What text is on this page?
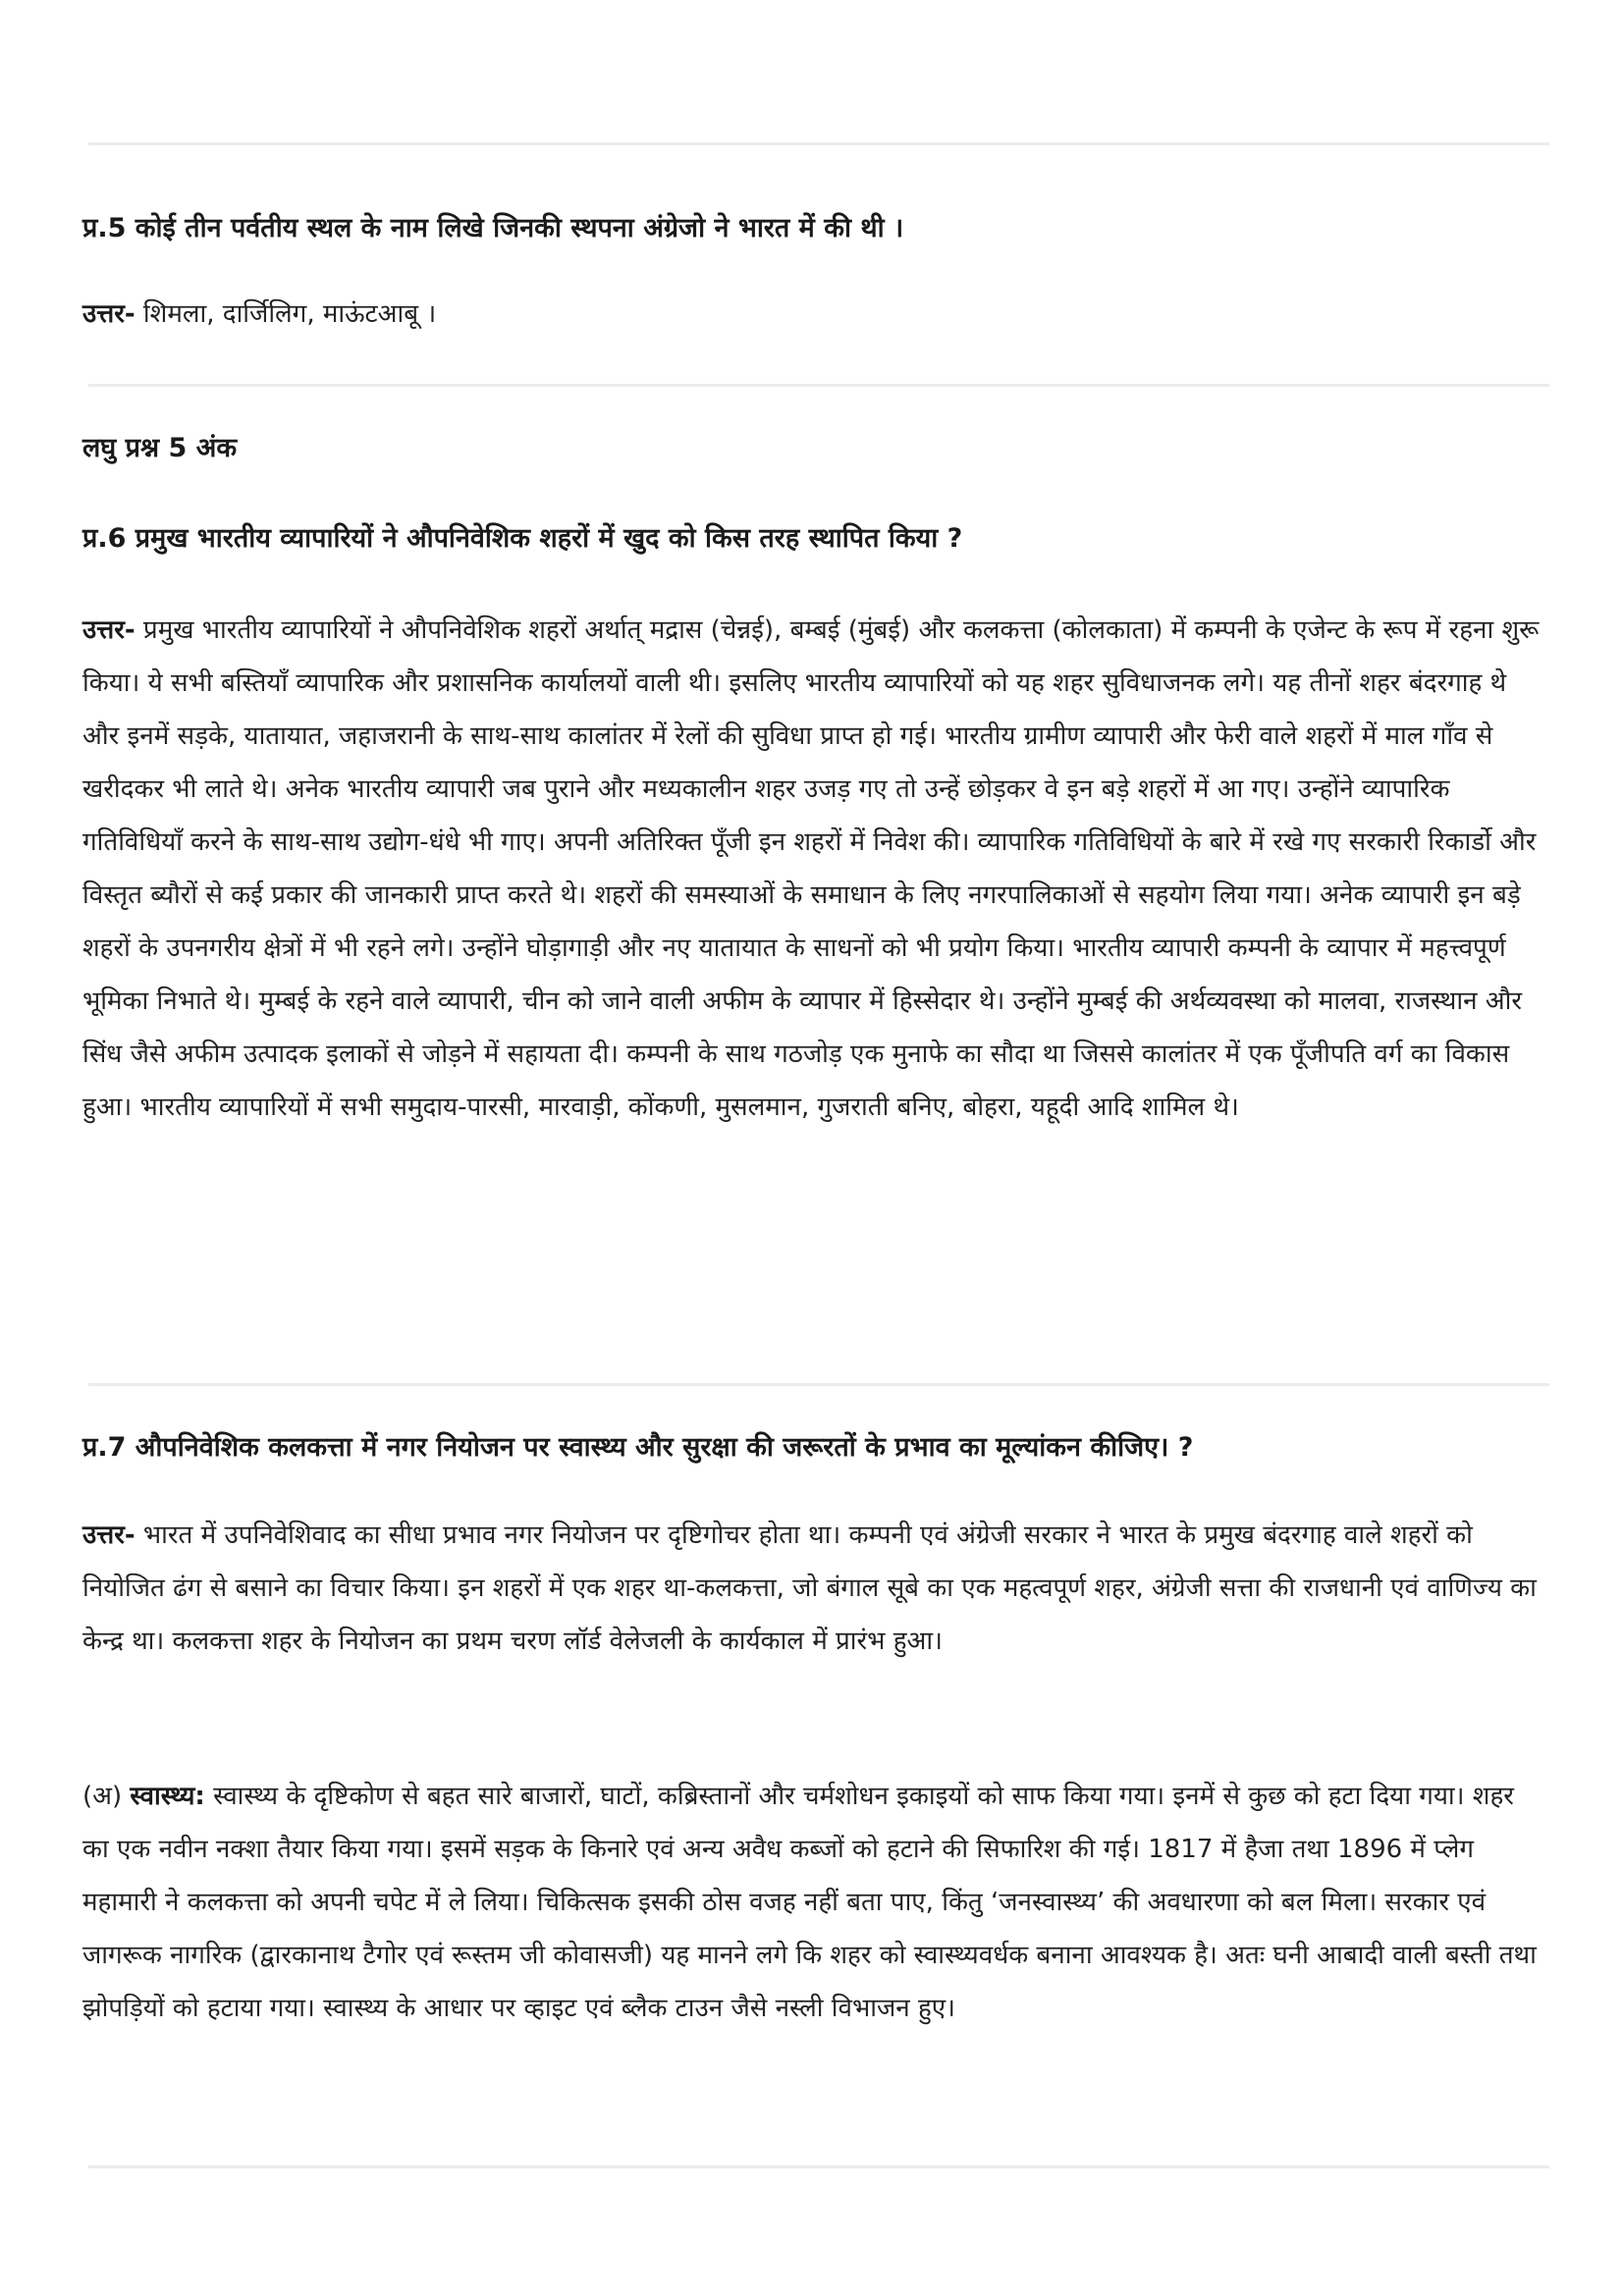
प्र.5 कोई तीन पर्वतीय स्थल के नाम लिखे जिनकी स्थपना अंग्रेजो ने भारत में की थी ।

उत्तर- शिमला, दार्जिलिग, माऊंटआबू ।

लघु प्रश्न 5 अंक

प्र.6 प्रमुख भारतीय व्यापारियों ने औपनिवेशिक शहरों में खुद को किस तरह स्थापित किया ?

उत्तर- प्रमुख भारतीय व्यापारियों ने औपनिवेशिक शहरों अर्थात् मद्रास (चेन्नई), बम्बई (मुंबई) और कलकत्ता (कोलकाता) में कम्पनी के एजेन्ट के रूप में रहना शुरू किया। ये सभी बस्तियाँ व्यापारिक और प्रशासनिक कार्यालयों वाली थी। इसलिए भारतीय व्यापारियों को यह शहर सुविधाजनक लगे। यह तीनों शहर बंदरगाह थे और इनमें सड़के, यातायात, जहाजरानी के साथ-साथ कालांतर में रेलों की सुविधा प्राप्त हो गई। भारतीय ग्रामीण व्यापारी और फेरी वाले शहरों में माल गाँव से खरीदकर भी लाते थे। अनेक भारतीय व्यापारी जब पुराने और मध्यकालीन शहर उजड़ गए तो उन्हें छोड़कर वे इन बड़े शहरों में आ गए। उन्होंने व्यापारिक गतिविधियाँ करने के साथ-साथ उद्योग-धंधे भी गाए। अपनी अतिरिक्त पूँजी इन शहरों में निवेश की। व्यापारिक गतिविधियों के बारे में रखे गए सरकारी रिकार्डो और विस्तृत ब्यौरों से कई प्रकार की जानकारी प्राप्त करते थे। शहरों की समस्याओं के समाधान के लिए नगरपालिकाओं से सहयोग लिया गया। अनेक व्यापारी इन बड़े शहरों के उपनगरीय क्षेत्रों में भी रहने लगे। उन्होंने घोड़ागाड़ी और नए यातायात के साधनों को भी प्रयोग किया। भारतीय व्यापारी कम्पनी के व्यापार में महत्त्वपूर्ण भूमिका निभाते थे। मुम्बई के रहने वाले व्यापारी, चीन को जाने वाली अफीम के व्यापार में हिस्सेदार थे। उन्होंने मुम्बई की अर्थव्यवस्था को मालवा, राजस्थान और सिंध जैसे अफीम उत्पादक इलाकों से जोड़ने में सहायता दी। कम्पनी के साथ गठजोड़ एक मुनाफे का सौदा था जिससे कालांतर में एक पूँजीपति वर्ग का विकास हुआ। भारतीय व्यापारियों में सभी समुदाय-पारसी, मारवाड़ी, कोंकणी, मुसलमान, गुजराती बनिए, बोहरा, यहूदी आदि शामिल थे।

प्र.7 औपनिवेशिक कलकत्ता में नगर नियोजन पर स्वास्थ्य और सुरक्षा की जरूरतों के प्रभाव का मूल्यांकन कीजिए। ?

उत्तर- भारत में उपनिवेशिवाद का सीधा प्रभाव नगर नियोजन पर दृष्टिगोचर होता था। कम्पनी एवं अंग्रेजी सरकार ने भारत के प्रमुख बंदरगाह वाले शहरों को नियोजित ढंग से बसाने का विचार किया। इन शहरों में एक शहर था-कलकत्ता, जो बंगाल सूबे का एक महत्वपूर्ण शहर, अंग्रेजी सत्ता की राजधानी एवं वाणिज्य का केन्द्र था। कलकत्ता शहर के नियोजन का प्रथम चरण लॉर्ड वेलेजली के कार्यकाल में प्रारंभ हुआ।

(अ) स्वास्थ्य: स्वास्थ्य के दृष्टिकोण से बहत सारे बाजारों, घाटों, कब्रिस्तानों और चर्मशोधन इकाइयों को साफ किया गया। इनमें से कुछ को हटा दिया गया। शहर का एक नवीन नक्शा तैयार किया गया। इसमें सड़क के किनारे एवं अन्य अवैध कब्जों को हटाने की सिफारिश की गई। 1817 में हैजा तथा 1896 में प्लेग महामारी ने कलकत्ता को अपनी चपेट में ले लिया। चिकित्सक इसकी ठोस वजह नहीं बता पाए, किंतु ‘जनस्वास्थ्य’ की अवधारणा को बल मिला। सरकार एवं जागरूक नागरिक (द्वारकानाथ टैगोर एवं रूस्तम जी कोवासजी) यह मानने लगे कि शहर को स्वास्थ्यवर्धक बनाना आवश्यक है। अतः घनी आबादी वाली बस्ती तथा झोपड़ियों को हटाया गया। स्वास्थ्य के आधार पर व्हाइट एवं ब्लैक टाउन जैसे नस्ली विभाजन हुए।
